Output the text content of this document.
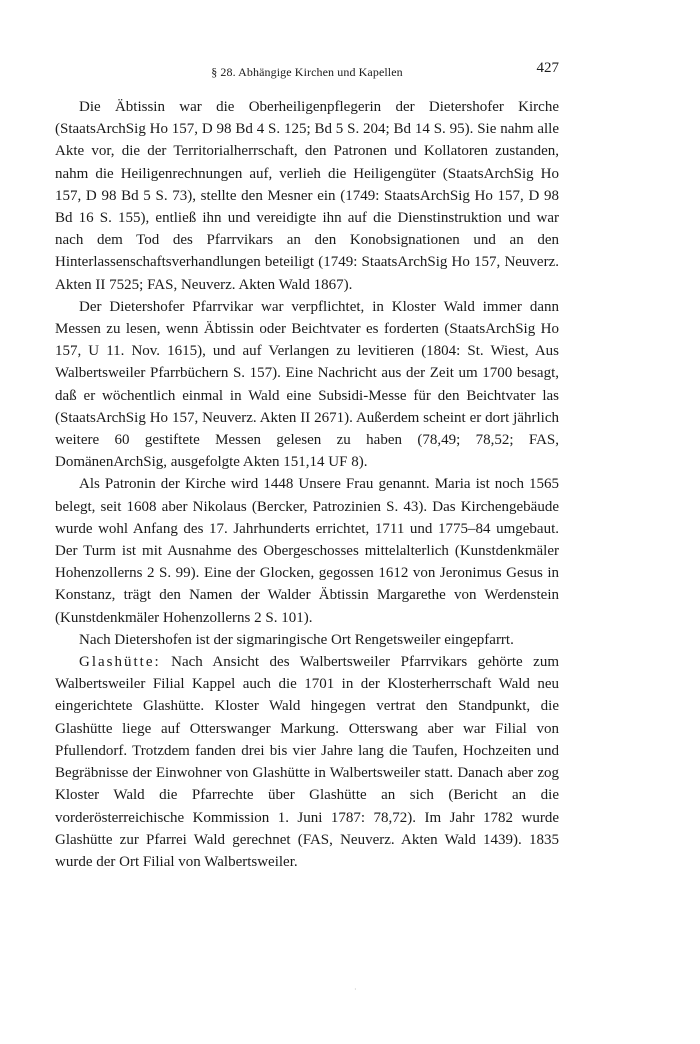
§ 28. Abhängige Kirchen und Kapellen	427

Die Äbtissin war die Oberheiligenpflegerin der Dietershofer Kirche (StaatsArchSig Ho 157, D 98 Bd 4 S. 125; Bd 5 S. 204; Bd 14 S. 95). Sie nahm alle Akte vor, die der Territorialherrschaft, den Patronen und Kollatoren zustanden, nahm die Heiligenrechnungen auf, verlieh die Heiligengüter (StaatsArchSig Ho 157, D 98 Bd 5 S. 73), stellte den Mesner ein (1749: StaatsArchSig Ho 157, D 98 Bd 16 S. 155), entließ ihn und vereidigte ihn auf die Dienstinstruktion und war nach dem Tod des Pfarrvikars an den Konobsignationen und an den Hinterlassenschaftsverhandlungen beteiligt (1749: StaatsArchSig Ho 157, Neuverz. Akten II 7525; FAS, Neuverz. Akten Wald 1867).

Der Dietershofer Pfarrvikar war verpflichtet, in Kloster Wald immer dann Messen zu lesen, wenn Äbtissin oder Beichtvater es forderten (StaatsArchSig Ho 157, U 11. Nov. 1615), und auf Verlangen zu levitieren (1804: St. Wiest, Aus Walbertsweiler Pfarrbüchern S. 157). Eine Nachricht aus der Zeit um 1700 besagt, daß er wöchentlich einmal in Wald eine Subsidi-Messe für den Beichtvater las (StaatsArchSig Ho 157, Neuverz. Akten II 2671). Außerdem scheint er dort jährlich weitere 60 gestiftete Messen gelesen zu haben (78,49; 78,52; FAS, DomänenArchSig, ausgefolgte Akten 151,14 UF 8).

Als Patronin der Kirche wird 1448 Unsere Frau genannt. Maria ist noch 1565 belegt, seit 1608 aber Nikolaus (Bercker, Patrozinien S. 43). Das Kirchengebäude wurde wohl Anfang des 17. Jahrhunderts errichtet, 1711 und 1775–84 umgebaut. Der Turm ist mit Ausnahme des Obergeschosses mittelalterlich (Kunstdenkmäler Hohenzollerns 2 S. 99). Eine der Glocken, gegossen 1612 von Jeronimus Gesus in Konstanz, trägt den Namen der Walder Äbtissin Margarethe von Werdenstein (Kunstdenkmäler Hohenzollerns 2 S. 101).

Nach Dietershofen ist der sigmaringische Ort Rengetsweiler eingepfarrt.

Glashütte: Nach Ansicht des Walbertsweiler Pfarrvikars gehörte zum Walbertsweiler Filial Kappel auch die 1701 in der Klosterherrschaft Wald neu eingerichtete Glashütte. Kloster Wald hingegen vertrat den Standpunkt, die Glashütte liege auf Otterswanger Markung. Otterswang aber war Filial von Pfullendorf. Trotzdem fanden drei bis vier Jahre lang die Taufen, Hochzeiten und Begräbnisse der Einwohner von Glashütte in Walbertsweiler statt. Danach aber zog Kloster Wald die Pfarrechte über Glashütte an sich (Bericht an die vorderösterreichische Kommission 1. Juni 1787: 78,72). Im Jahr 1782 wurde Glashütte zur Pfarrei Wald gerechnet (FAS, Neuverz. Akten Wald 1439). 1835 wurde der Ort Filial von Walbertsweiler.

·
